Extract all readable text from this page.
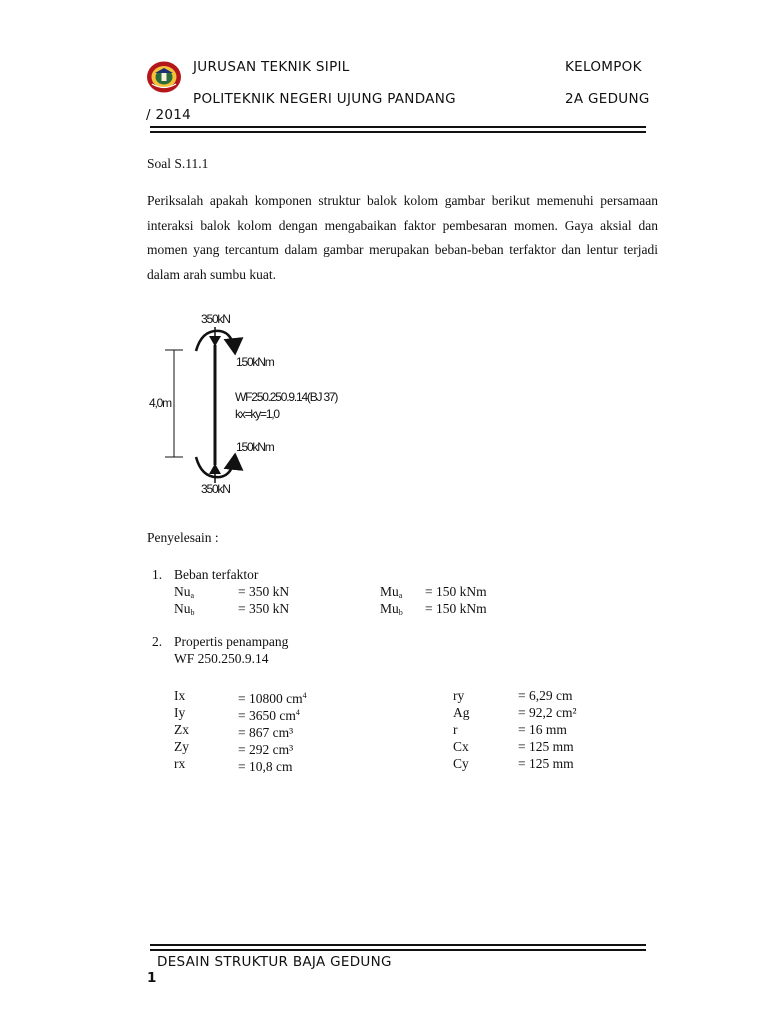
JURUSAN TEKNIK SIPIL	KELOMPOK
POLITEKNIK NEGERI UJUNG PANDANG	2A GEDUNG
/ 2014
Soal S.11.1
Periksalah apakah komponen struktur balok kolom gambar berikut memenuhi persamaan interaksi balok kolom dengan mengabaikan faktor pembesaran momen. Gaya aksial dan momen yang tercantum dalam gambar merupakan beban-beban terfaktor dan lentur terjadi dalam arah sumbu kuat.
350kN
150kNm
4,0m	WF250.250.9.14(BJ 37)
kx=ky=1,0
150kNm
350kN
Penyelesain :
1. Beban terfaktor
$Nu_a$	= 350 kN	$Mu_a = 150$ kNm
$Nu_b$	= 350 kN	$Mu_b = 150$ kNm
2. Propertis penampang
WF 250.250.9.14
Ix	= 10800 $cm^4$	ry	= 6,29 cm
Iy	= 3650 $cm^4$	Ag	= 92,2 cm²
Zx	= 867 cm³	r	= 16 mm
Zy	= 292 cm³	Cx	= 125 mm
rx	= 10,8 cm	Cy	= 125 mm
DESAIN STRUKTUR BAJA GEDUNG
1
